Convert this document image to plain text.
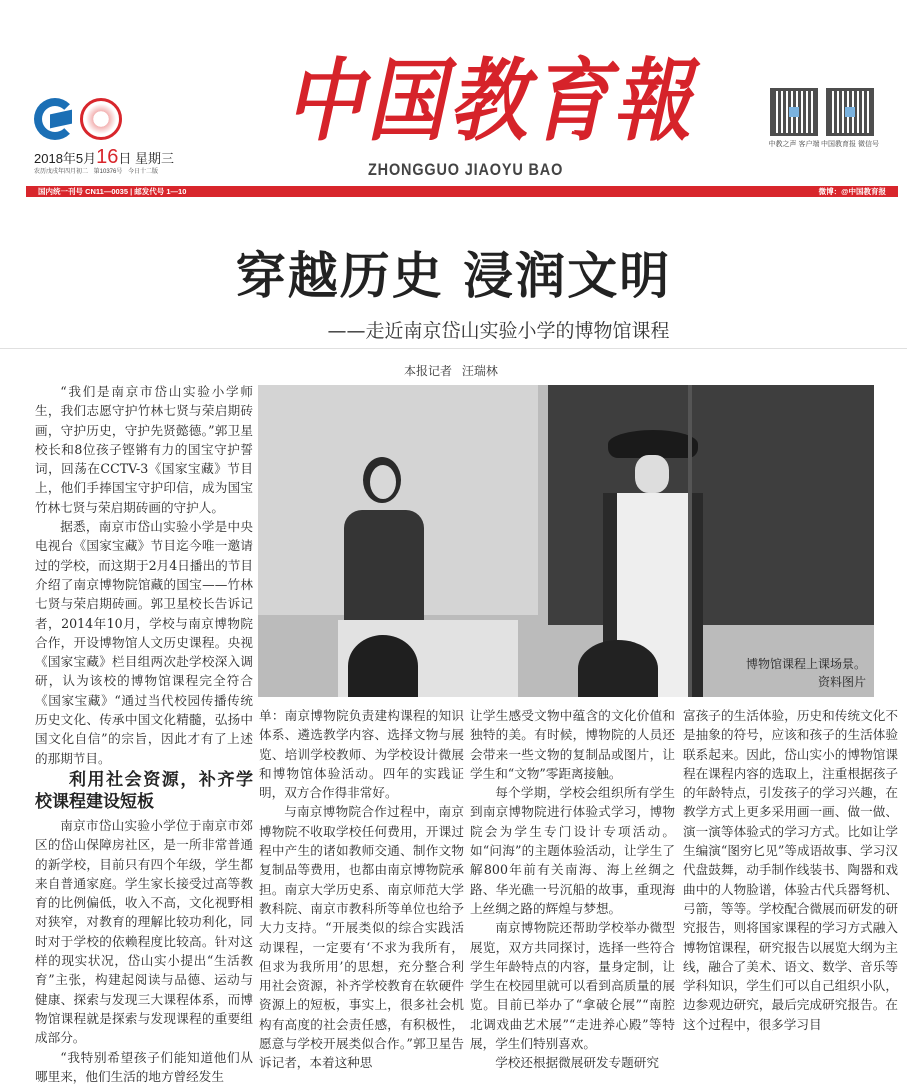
2018年5月16日 星期三
农历戊戌年四月初二 第10376号 今日十二版
中国教育報
ZHONGGUO JIAOYU BAO
中教之声 客户端 中国教育报 微信号
国内统一刊号 CN11—0035 | 邮发代号 1—10	微博：@中国教育报
穿越历史 浸润文明
——走近南京岱山实验小学的博物馆课程
本报记者 汪瑞林

“我们是南京市岱山实验小学师生，我们志愿守护竹林七贤与荣启期砖画，守护历史，守护先贤懿德。”郭卫星校长和8位孩子铿锵有力的国宝守护誓词，回荡在CCTV-3《国家宝藏》节目上，他们手捧国宝守护印信，成为国宝竹林七贤与荣启期砖画的守护人。

据悉，南京市岱山实验小学是中央电视台《国家宝藏》节目迄今唯一邀请过的学校，而这期于2月4日播出的节目介绍了南京博物院馆藏的国宝——竹林七贤与荣启期砖画。郭卫星校长告诉记者，2014年10月，学校与南京博物院合作，开设博物馆人文历史课程。央视《国家宝藏》栏目组两次赴学校深入调研，认为该校的博物馆课程完全符合《国家宝藏》“通过当代校园传播传统历史文化、传承中国文化精髓，弘扬中国文化自信”的宗旨，因此才有了上述的那期节目。

利用社会资源，补齐学校课程建设短板

南京市岱山实验小学位于南京市郊区的岱山保障房社区，是一所非常普通的新学校，目前只有四个年级，学生都来自普通家庭。学生家长接受过高等教育的比例偏低，收入不高，文化视野相对狭窄，对教育的理解比较功利化，同时对于学校的依赖程度比较高。针对这样的现实状况，岱山实小提出“生活教育”主张，构建起阅读与品德、运动与健康、探索与发现三大课程体系，而博物馆课程就是探索与发现课程的重要组成部分。

“我特别希望孩子们能知道他们从哪里来，他们生活的地方曾经发生

博物馆课程上课场景。
资料图片

单：南京博物院负责建构课程的知识体系、遴选教学内容、选择文物与展览、培训学校教师、为学校设计微展和博物馆体验活动。四年的实践证明，双方合作得非常好。

与南京博物院合作过程中，南京博物院不收取学校任何费用，开课过程中产生的诸如教师交通、制作文物复制品等费用，也都由南京博物院承担。南京大学历史系、南京师范大学教科院、南京市教科所等单位也给予大力支持。“开展类似的综合实践活动课程，一定要有‘不求为我所有，但求为我所用’的思想，充分整合利用社会资源，补齐学校教育在软硬件资源上的短板，事实上，很多社会机构有高度的社会责任感，有积极性，愿意与学校开展类似合作。”郭卫星告诉记者，本着这种思

让学生感受文物中蕴含的文化价值和独特的美。有时候，博物院的人员还会带来一些文物的复制品或图片，让学生和“文物”零距离接触。

每个学期，学校会组织所有学生到南京博物院进行体验式学习，博物院会为学生专门设计专项活动。如“问海”的主题体验活动，让学生了解800年前有关南海、海上丝绸之路、华光礁一号沉船的故事，重现海上丝绸之路的辉煌与梦想。

南京博物院还帮助学校举办微型展览，双方共同探讨，选择一些符合学生年龄特点的内容，量身定制，让学生在校园里就可以看到高质量的展览。目前已举办了“拿破仑展”“南腔北调戏曲艺术展”“走进养心殿”等特展，学生们特别喜欢。

学校还根据微展研发专题研究

富孩子的生活体验，历史和传统文化不是抽象的符号，应该和孩子的生活体验联系起来。因此，岱山实小的博物馆课程在课程内容的选取上，注重根据孩子的年龄特点，引发孩子的学习兴趣，在教学方式上更多采用画一画、做一做、演一演等体验式的学习方式。比如让学生编演“图穷匕见”等成语故事、学习汉代盘鼓舞，动手制作线装书、陶器和戏曲中的人物脸谱，体验古代兵器弩机、弓箭，等等。学校配合微展而研发的研究报告，则将国家课程的学习方式融入博物馆课程，研究报告以展览大纲为主线，融合了美术、语文、数学、音乐等学科知识，学生们可以自己组织小队，边参观边研究，最后完成研究报告。在这个过程中，很多学习目
